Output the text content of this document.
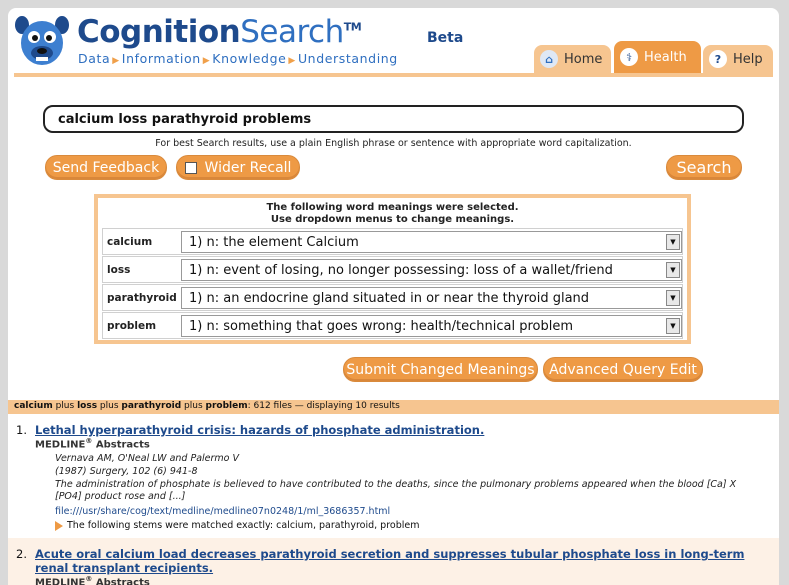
CognitionSearch™
Beta
Data ▶ Information ▶ Knowledge ▶ Understanding	⌂ Home	⚕ Health	? Help
calcium loss parathyroid problems
For best Search results, use a plain English phrase or sentence with appropriate word capitalization.
Send Feedback	Wider Recall	Search
The following word meanings were selected.
Use dropdown menus to change meanings.
calcium	1) n: the element Calcium	▼
loss	1) n: event of losing, no longer possessing: loss of a wallet/friend	▼
parathyroid 1) n: an endocrine gland situated in or near the thyroid gland	▼
problem	1) n: something that goes wrong: health/technical problem	▼
Submit Changed Meanings	Advanced Query Edit
calcium plus loss plus parathyroid plus problem: 612 files — displaying 10 results
1. Lethal hyperparathyroid crisis: hazards of phosphate administration.
MEDLINE® Abstracts
Vernava AM, O'Neal LW and Palermo V
(1987) Surgery, 102 (6) 941-8
The administration of phosphate is believed to have contributed to the deaths, since the pulmonary problems appeared when the blood [Ca] X [PO4] product rose and [...]
file:///usr/share/cog/text/medline/medline07n0248/1/ml_3686357.html
The following stems were matched exactly: calcium, parathyroid, problem
2. Acute oral calcium load decreases parathyroid secretion and suppresses tubular phosphate loss in long-term renal transplant recipients.
MEDLINE® Abstracts
